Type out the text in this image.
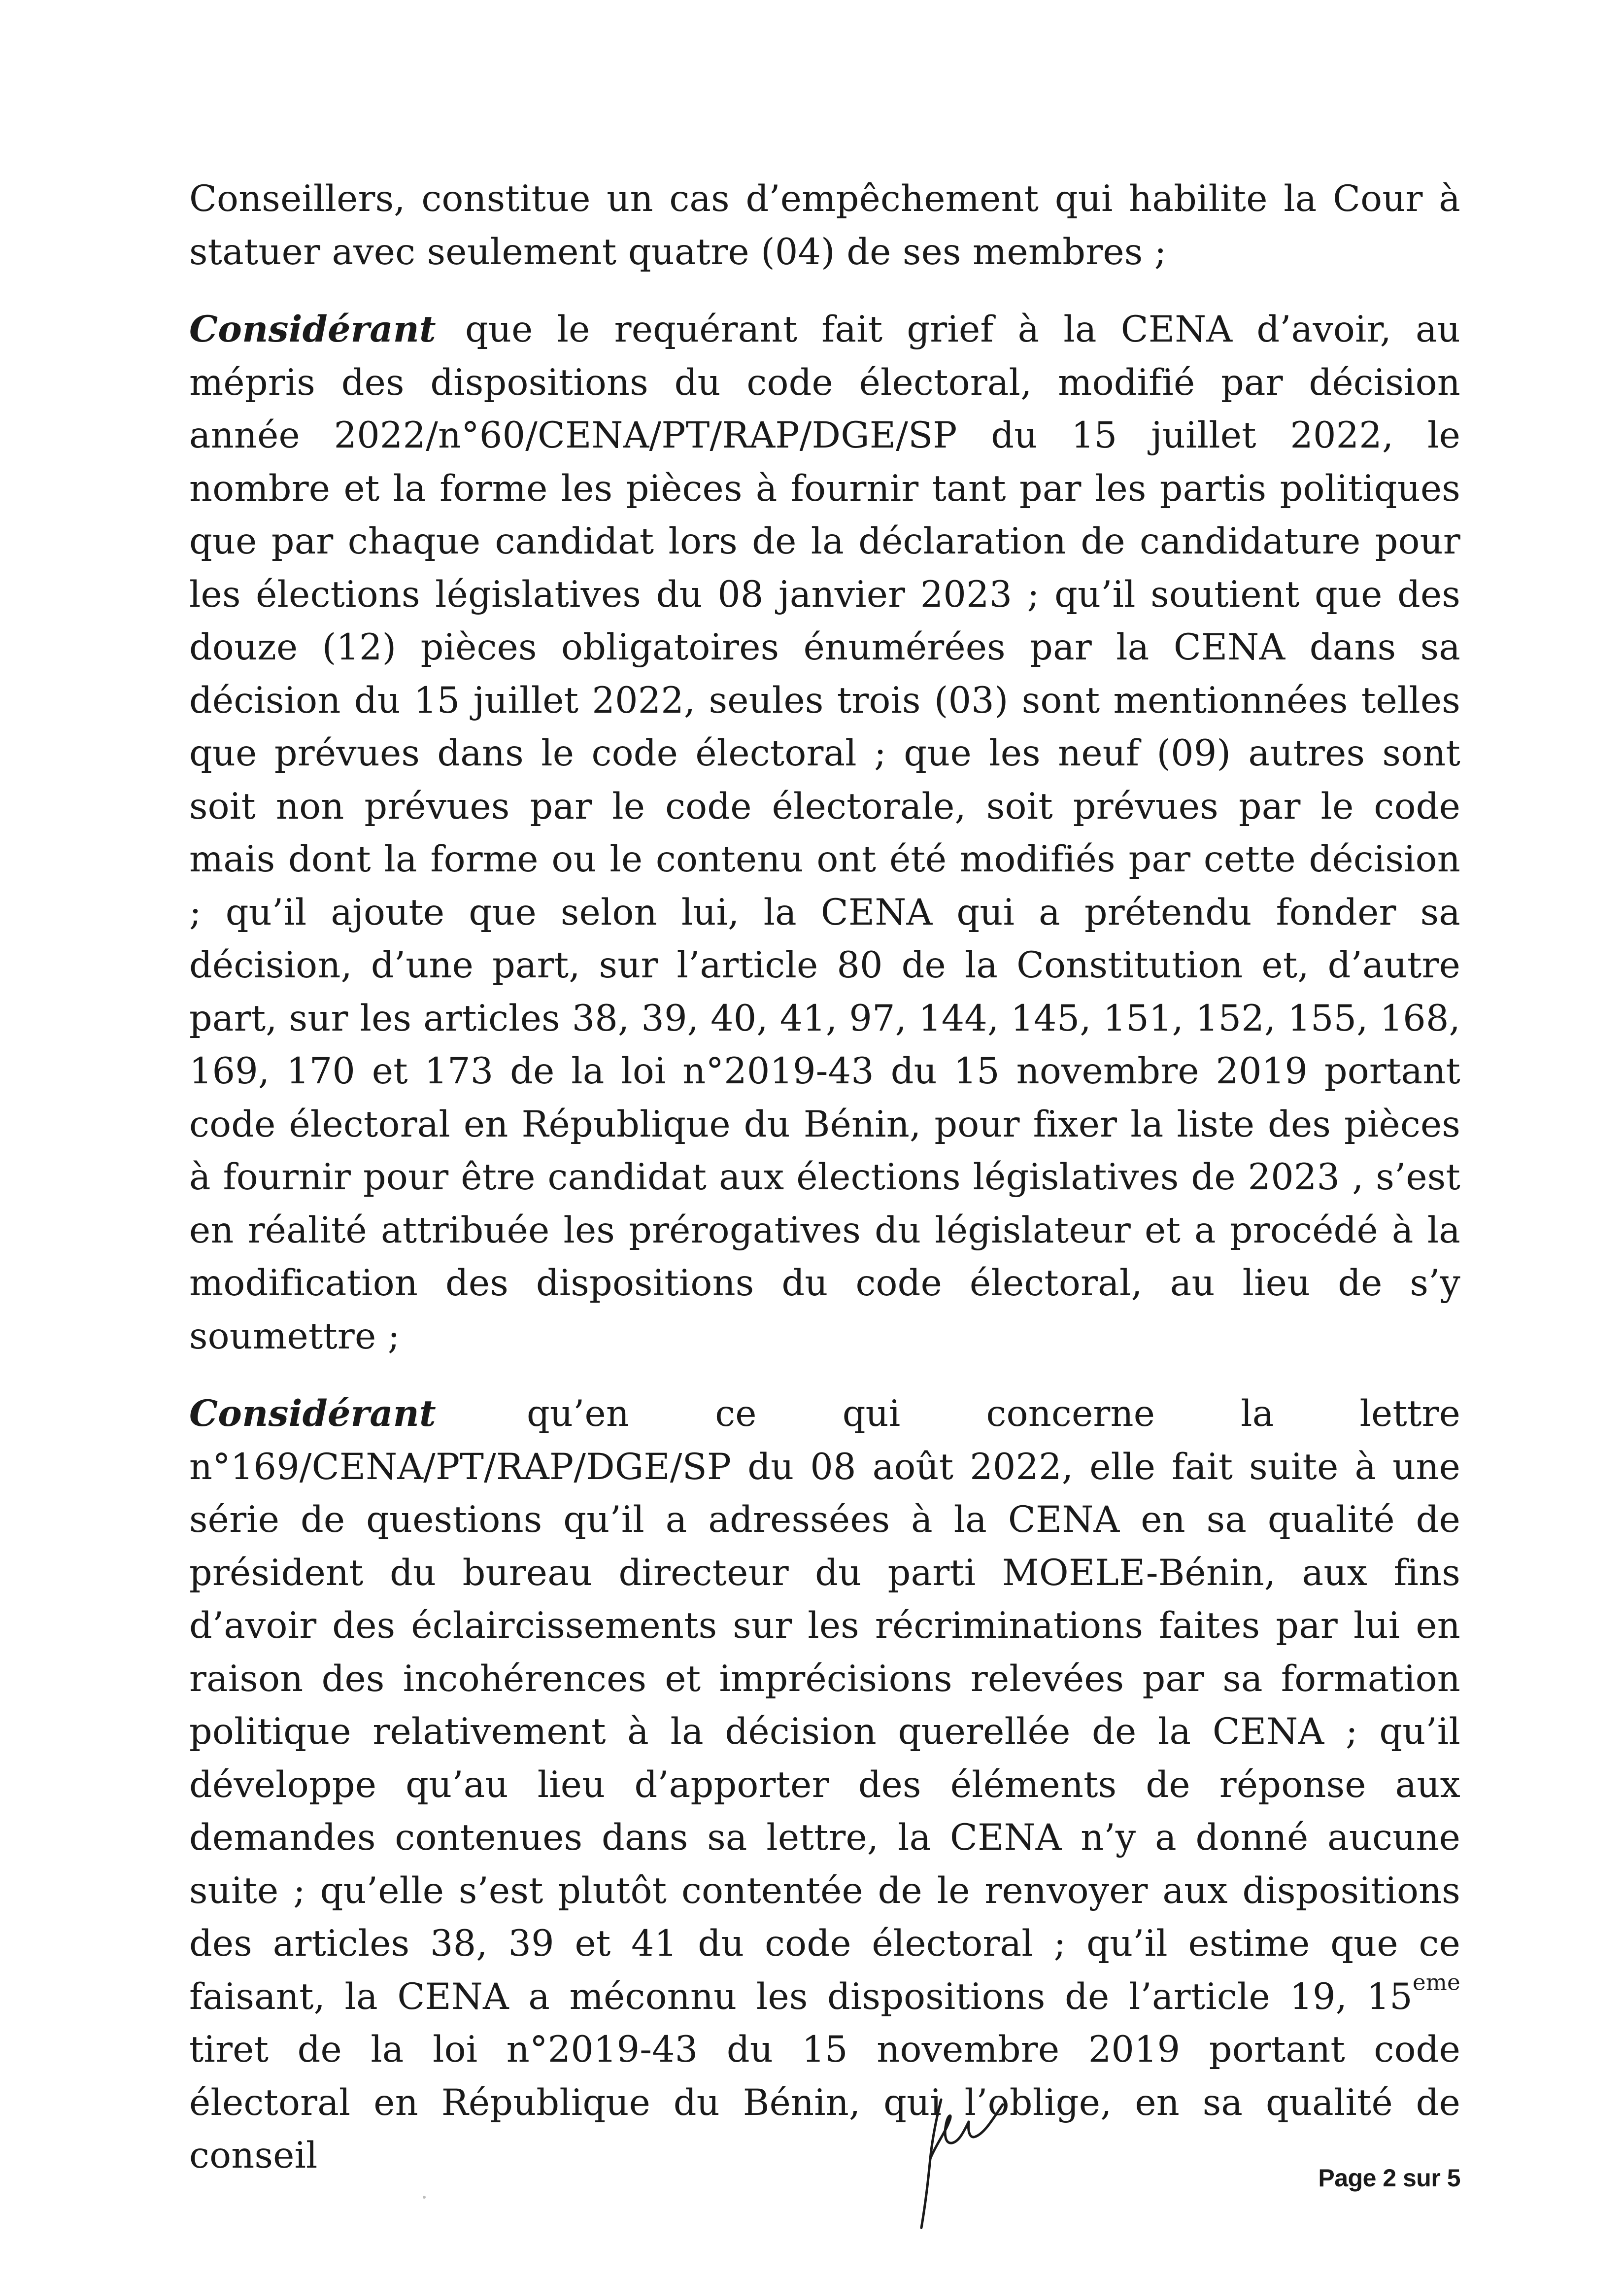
Conseillers, constitue un cas d’empêchement qui habilite la Cour à statuer avec seulement quatre (04) de ses membres ;

Considérant que le requérant fait grief à la CENA d’avoir, au mépris des dispositions du code électoral, modifié par décision année 2022/n°60/CENA/PT/RAP/DGE/SP du 15 juillet 2022, le nombre et la forme les pièces à fournir tant par les partis politiques que par chaque candidat lors de la déclaration de candidature pour les élections législatives du 08 janvier 2023 ; qu’il soutient que des douze (12) pièces obligatoires énumérées par la CENA dans sa décision du 15 juillet 2022, seules trois (03) sont mentionnées telles que prévues dans le code électoral ; que les neuf (09) autres sont soit non prévues par le code électorale, soit prévues par le code mais dont la forme ou le contenu ont été modifiés par cette décision ; qu’il ajoute que selon lui, la CENA qui a prétendu fonder sa décision, d’une part, sur l’article 80 de la Constitution et, d’autre part, sur les articles 38, 39, 40, 41, 97, 144, 145, 151, 152, 155, 168, 169, 170 et 173 de la loi n°2019-43 du 15 novembre 2019 portant code électoral en République du Bénin, pour fixer la liste des pièces à fournir pour être candidat aux élections législatives de 2023 , s’est en réalité attribuée les prérogatives du législateur et a procédé à la modification des dispositions du code électoral, au lieu de s’y soumettre ;

Considérant	qu’en ce qui concerne la lettre n°169/CENA/PT/RAP/DGE/SP du 08 août 2022, elle fait suite à une série de questions qu’il a adressées à la CENA en sa qualité de président du bureau directeur du parti MOELE-Bénin, aux fins d’avoir des éclaircissements sur les récriminations faites par lui en raison des incohérences et imprécisions relevées par sa formation politique relativement à la décision querellée de la CENA ; qu’il développe qu’au lieu d’apporter des éléments de réponse aux demandes contenues dans sa lettre, la CENA n’y a donné aucune suite ; qu’elle s’est plutôt contentée de le renvoyer aux dispositions des articles 38, 39 et 41 du code électoral ; qu’il estime que ce faisant, la CENA a méconnu les dispositions de l’article 19, 15eme tiret de la loi n°2019-43 du 15 novembre 2019 portant code électoral en République du Bénin, qui l’oblige, en sa qualité de conseil

Page 2 sur 5
